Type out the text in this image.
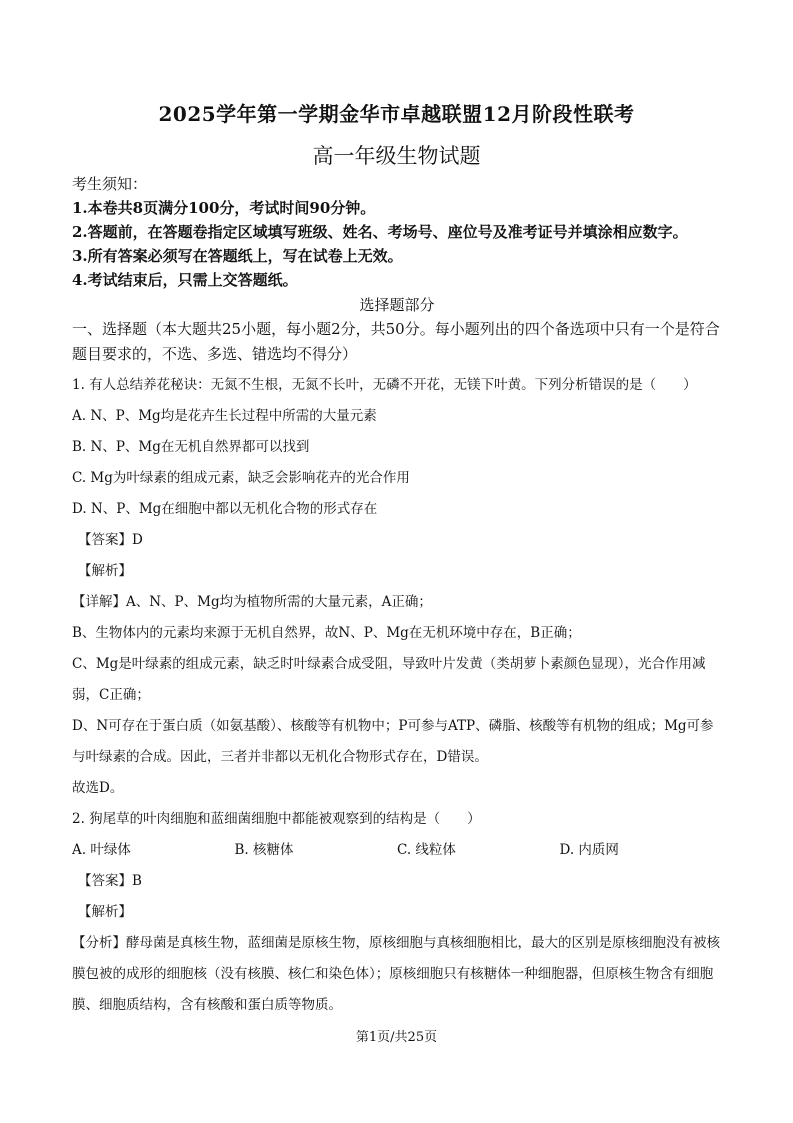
2025学年第一学期金华市卓越联盟12月阶段性联考
高一年级生物试题
考生须知：
1.本卷共8页满分100分，考试时间90分钟。
2.答题前，在答题卷指定区域填写班级、姓名、考场号、座位号及准考证号并填涂相应数字。
3.所有答案必须写在答题纸上，写在试卷上无效。
4.考试结束后，只需上交答题纸。
选择题部分
一、选择题（本大题共25小题，每小题2分，共50分。每小题列出的四个备选项中只有一个是符合题目要求的，不选、多选、错选均不得分）
1. 有人总结养花秘诀：无氮不生根，无氮不长叶，无磷不开花，无镁下叶黄。下列分析错误的是（　　）
A. N、P、Mg均是花卉生长过程中所需的大量元素
B. N、P、Mg在无机自然界都可以找到
C. Mg为叶绿素的组成元素，缺乏会影响花卉的光合作用
D. N、P、Mg在细胞中都以无机化合物的形式存在
【答案】D
【解析】
【详解】A、N、P、Mg均为植物所需的大量元素，A正确；
B、生物体内的元素均来源于无机自然界，故N、P、Mg在无机环境中存在，B正确；
C、Mg是叶绿素的组成元素，缺乏时叶绿素合成受阻，导致叶片发黄（类胡萝卜素颜色显现），光合作用减弱，C正确；
D、N可存在于蛋白质（如氨基酸）、核酸等有机物中；P可参与ATP、磷脂、核酸等有机物的组成；Mg可参与叶绿素的合成。因此，三者并非都以无机化合物形式存在，D错误。
故选D。
2. 狗尾草的叶肉细胞和蓝细菌细胞中都能被观察到的结构是（　　）
A. 叶绿体	B. 核糖体	C. 线粒体	D. 内质网
【答案】B
【解析】
【分析】酵母菌是真核生物，蓝细菌是原核生物，原核细胞与真核细胞相比，最大的区别是原核细胞没有被核膜包被的成形的细胞核（没有核膜、核仁和染色体）；原核细胞只有核糖体一种细胞器，但原核生物含有细胞膜、细胞质结构，含有核酸和蛋白质等物质。
第1页/共25页
